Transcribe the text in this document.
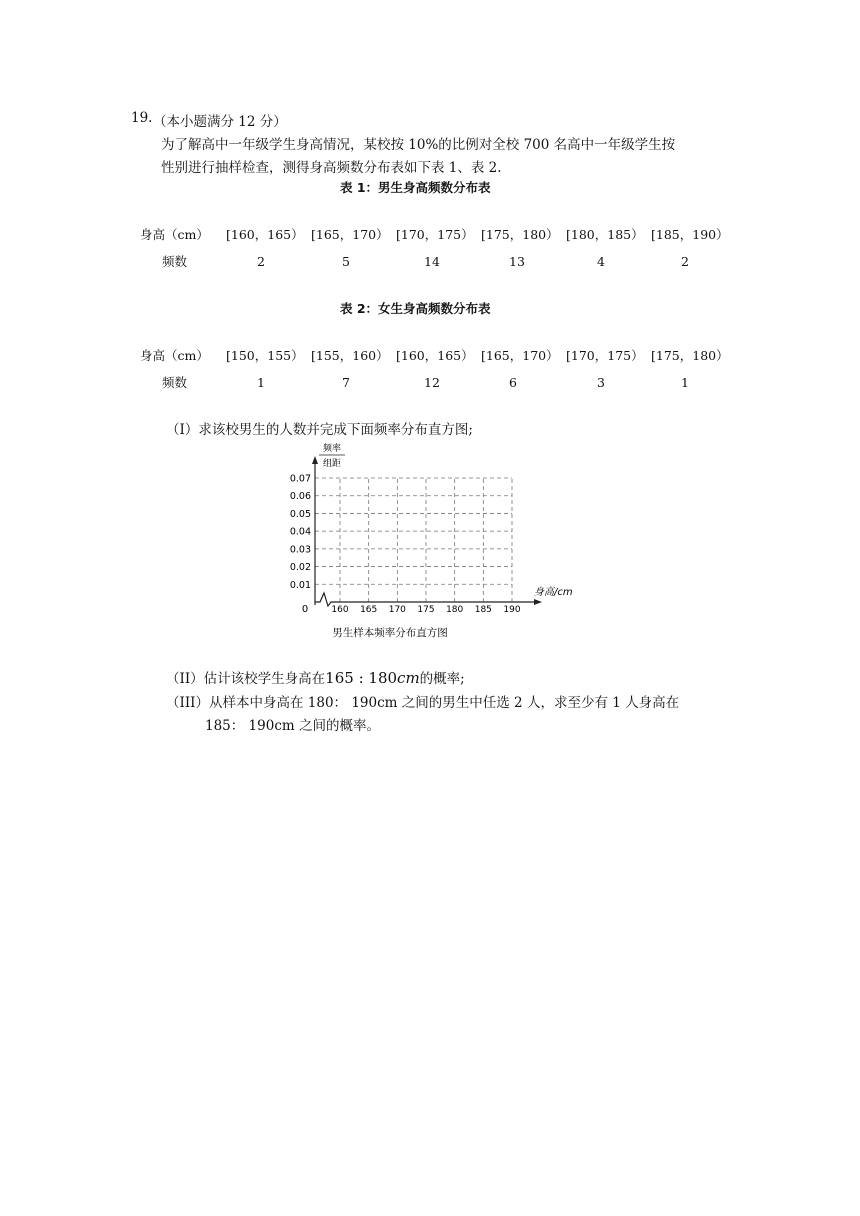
19. （本小题满分 12 分）
为了解高中一年级学生身高情况，某校按 10%的比例对全校 700 名高中一年级学生按
性别进行抽样检查，测得身高频数分布表如下表 1、表 2.
表 1：男生身高频数分布表
身高（cm） [160，165） [165，170） [170，175） [175，180） [180，185） [185，190）
频数	2	5	14	13	4	2
表 2：女生身高频数分布表
身高（cm） [150，155） [155，160） [160，165） [165，170） [170，175） [175，180）
频数	1	7	12	6	3	1
（I）求该校男生的人数并完成下面频率分布直方图;
0.01
0.02
0.03
0.04
0.05
0.06
0.07
160 165 170 175 180 185 190
频率
组距
身高/cm
0
男生样本频率分布直方图
（II）估计该校学生身高在165 : 180cm的概率;
（III）从样本中身高在 180： 190cm 之间的男生中任选 2 人，求至少有 1 人身高在
185： 190cm 之间的概率。
